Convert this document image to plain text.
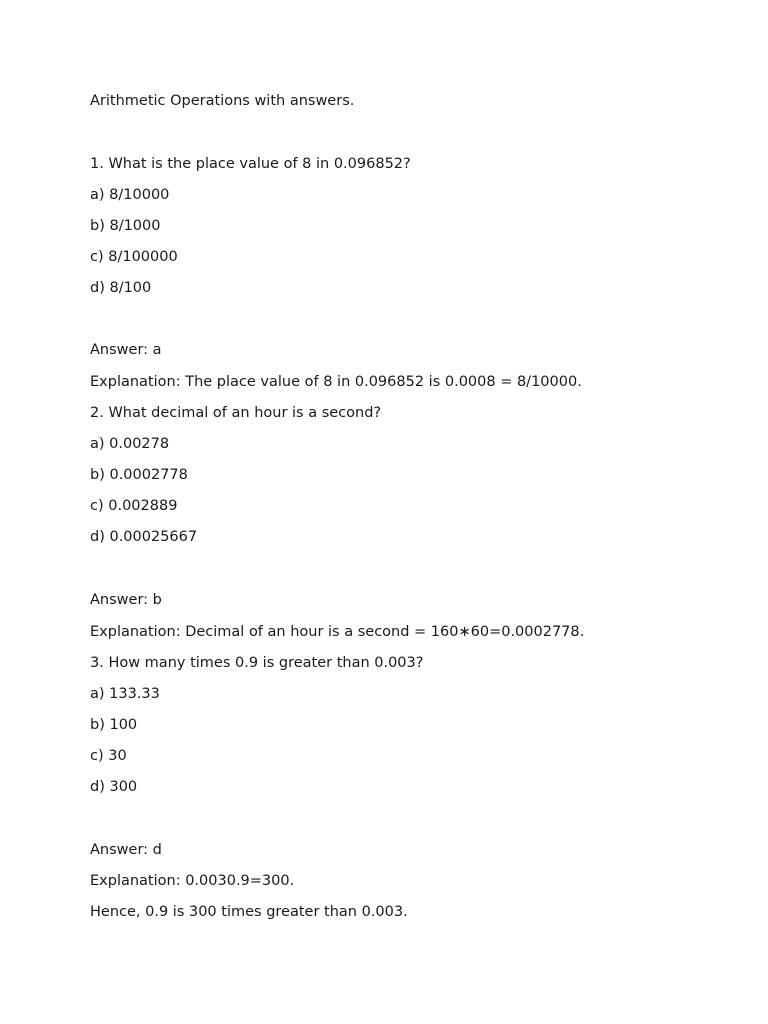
Arithmetic Operations with answers.

1. What is the place value of 8 in 0.096852?

a) 8/10000

b) 8/1000

c) 8/100000

d) 8/100

Answer: a

Explanation: The place value of 8 in 0.096852 is 0.0008 = 8/10000.

2. What decimal of an hour is a second?

a) 0.00278

b) 0.0002778

c) 0.002889

d) 0.00025667

Answer: b

Explanation: Decimal of an hour is a second = 160∗60=0.0002778.

3. How many times 0.9 is greater than 0.003?

a) 133.33

b) 100

c) 30

d) 300

Answer: d

Explanation: 0.0030.9=300.

Hence, 0.9 is 300 times greater than 0.003.
